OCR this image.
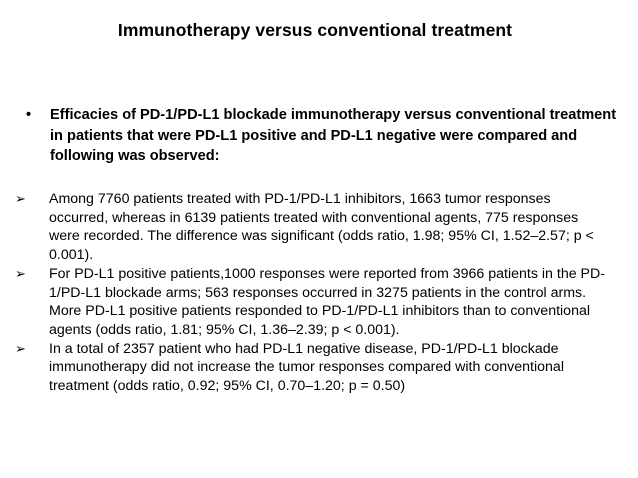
Immunotherapy versus conventional treatment
•	Efficacies of PD-1/PD-L1 blockade immunotherapy versus conventional treatment in patients that were PD-L1 positive and PD-L1 negative were compared and following was observed:
➢	Among 7760 patients treated with PD-1/PD-L1 inhibitors, 1663 tumor responses occurred, whereas in 6139 patients treated with conventional agents, 775 responses were recorded. The difference was significant (odds ratio, 1.98; 95% CI, 1.52–2.57; p < 0.001).
➢	For PD-L1 positive patients,1000 responses were reported from 3966 patients in the PD-1/PD-L1 blockade arms; 563 responses occurred in 3275 patients in the control arms. More PD-L1 positive patients responded to PD-1/PD-L1 inhibitors than to conventional agents (odds ratio, 1.81; 95% CI, 1.36–2.39; p < 0.001).
➢	In a total of 2357 patient who had PD-L1 negative disease, PD-1/PD-L1 blockade immunotherapy did not increase the tumor responses compared with conventional treatment (odds ratio, 0.92; 95% CI, 0.70–1.20; p = 0.50)
